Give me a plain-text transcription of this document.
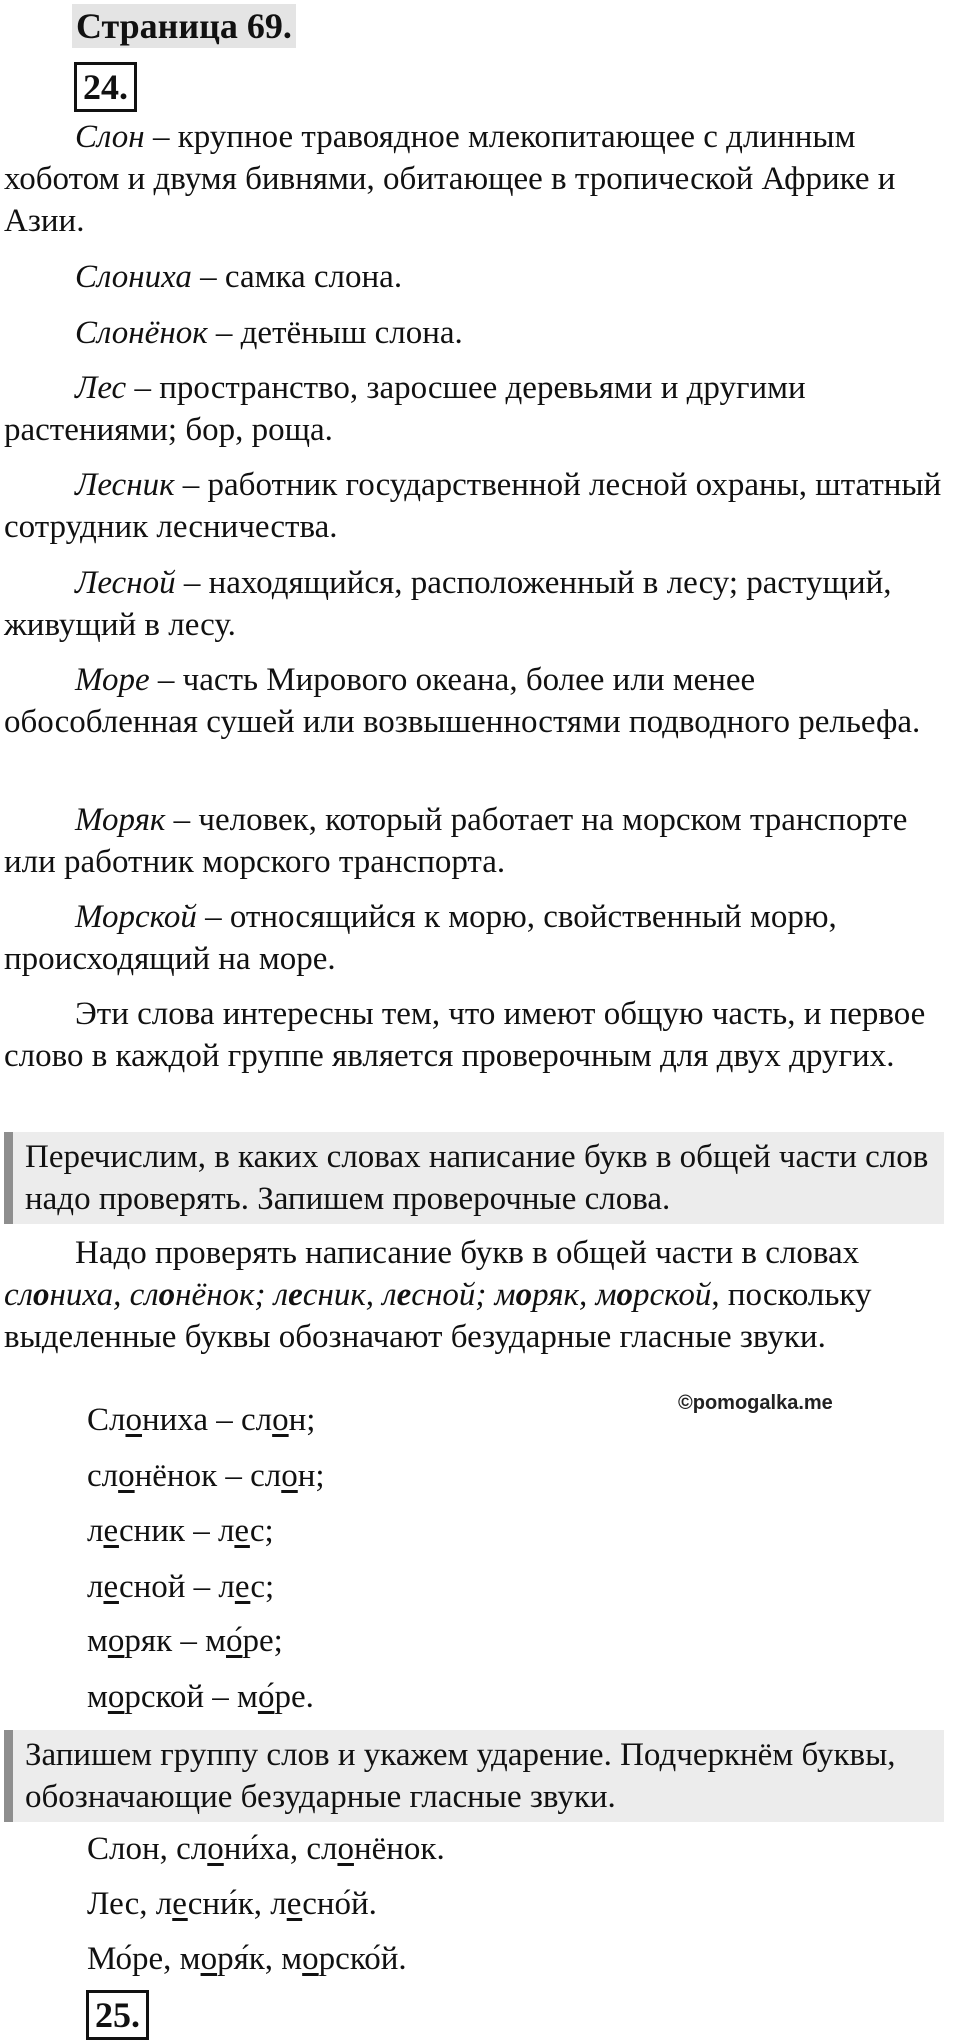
Страница 69.
24.
Слон – крупное травоядное млекопитающее с длинным хоботом и двумя бивнями, обитающее в тропической Африке и Азии.
Слониха – самка слона.
Слонёнок – детёныш слона.
Лес – пространство, заросшее деревьями и другими растениями; бор, роща.
Лесник – работник государственной лесной охраны, штатный сотрудник лесничества.
Лесной – находящийся, расположенный в лесу; растущий, живущий в лесу.
Море – часть Мирового океана, более или менее обособленная сушей или возвышенностями подводного рельефа.
Моряк – человек, который работает на морском транспорте или работник морского транспорта.
Морской – относящийся к морю, свойственный морю, происходящий на море.
Эти слова интересны тем, что имеют общую часть, и первое слово в каждой группе является проверочным для двух других.
Перечислим, в каких словах написание букв в общей части слов надо проверять. Запишем проверочные слова.
Надо проверять написание букв в общей части в словах слониха, слонёнок; лесник, лесной; моряк, морской, поскольку выделенные буквы обозначают безударные гласные звуки.
©pomogalka.me
Слониха – слон;
слонёнок – слон;
лесник – лес;
лесной – лес;
моряк – мо ´ре;
морской – мо ´ре.
Запишем группу слов и укажем ударение. Подчеркнём буквы, обозначающие безударные гласные звуки.
Слон, слони ´ха, слонёнок.
Лес, лесни ´к, лесно ´й.
Мо ´ре, моря ´к, морско ´й.
25.
